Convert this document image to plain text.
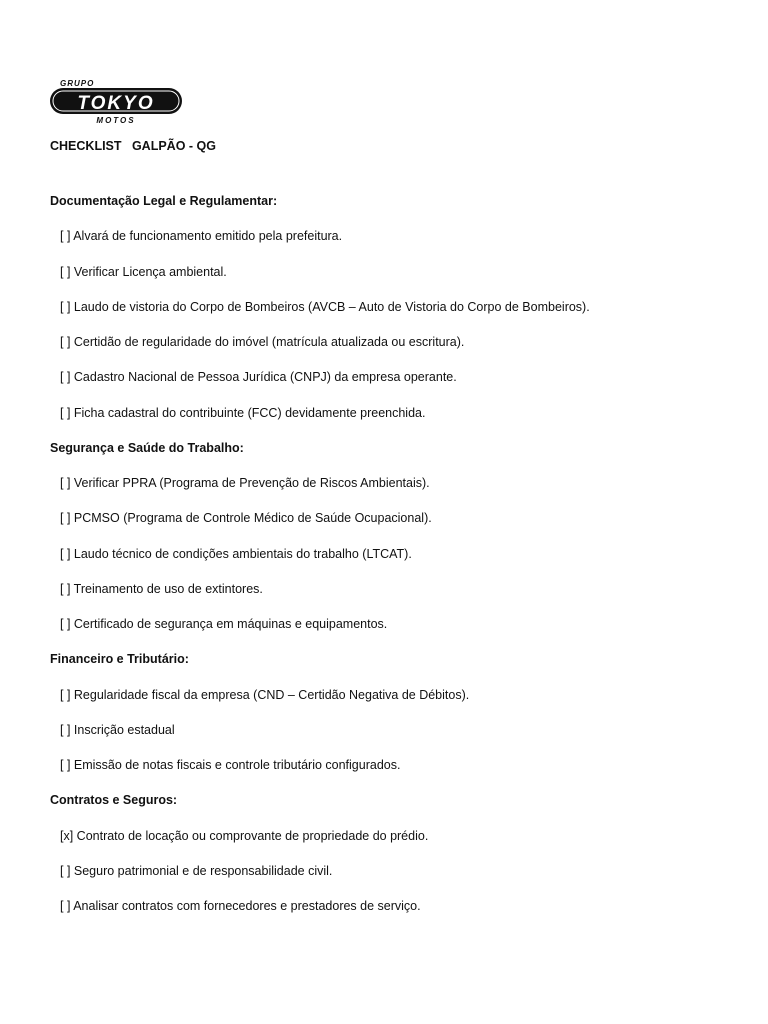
GRUPO
TOKYO
MOTOS
CHECKLIST   GALPÃO - QG
Documentação Legal e Regulamentar:
[ ] Alvará de funcionamento emitido pela prefeitura.
[ ] Verificar Licença ambiental.
[ ] Laudo de vistoria do Corpo de Bombeiros (AVCB – Auto de Vistoria do Corpo de Bombeiros).
[ ] Certidão de regularidade do imóvel (matrícula atualizada ou escritura).
[ ] Cadastro Nacional de Pessoa Jurídica (CNPJ) da empresa operante.
[ ] Ficha cadastral do contribuinte (FCC) devidamente preenchida.
Segurança e Saúde do Trabalho:
[ ] Verificar PPRA (Programa de Prevenção de Riscos Ambientais).
[ ] PCMSO (Programa de Controle Médico de Saúde Ocupacional).
[ ] Laudo técnico de condições ambientais do trabalho (LTCAT).
[ ] Treinamento de uso de extintores.
[ ] Certificado de segurança em máquinas e equipamentos.
Financeiro e Tributário:
[ ] Regularidade fiscal da empresa (CND – Certidão Negativa de Débitos).
[ ] Inscrição estadual
[ ] Emissão de notas fiscais e controle tributário configurados.
Contratos e Seguros:
[x] Contrato de locação ou comprovante de propriedade do prédio.
[ ] Seguro patrimonial e de responsabilidade civil.
[ ] Analisar contratos com fornecedores e prestadores de serviço.
